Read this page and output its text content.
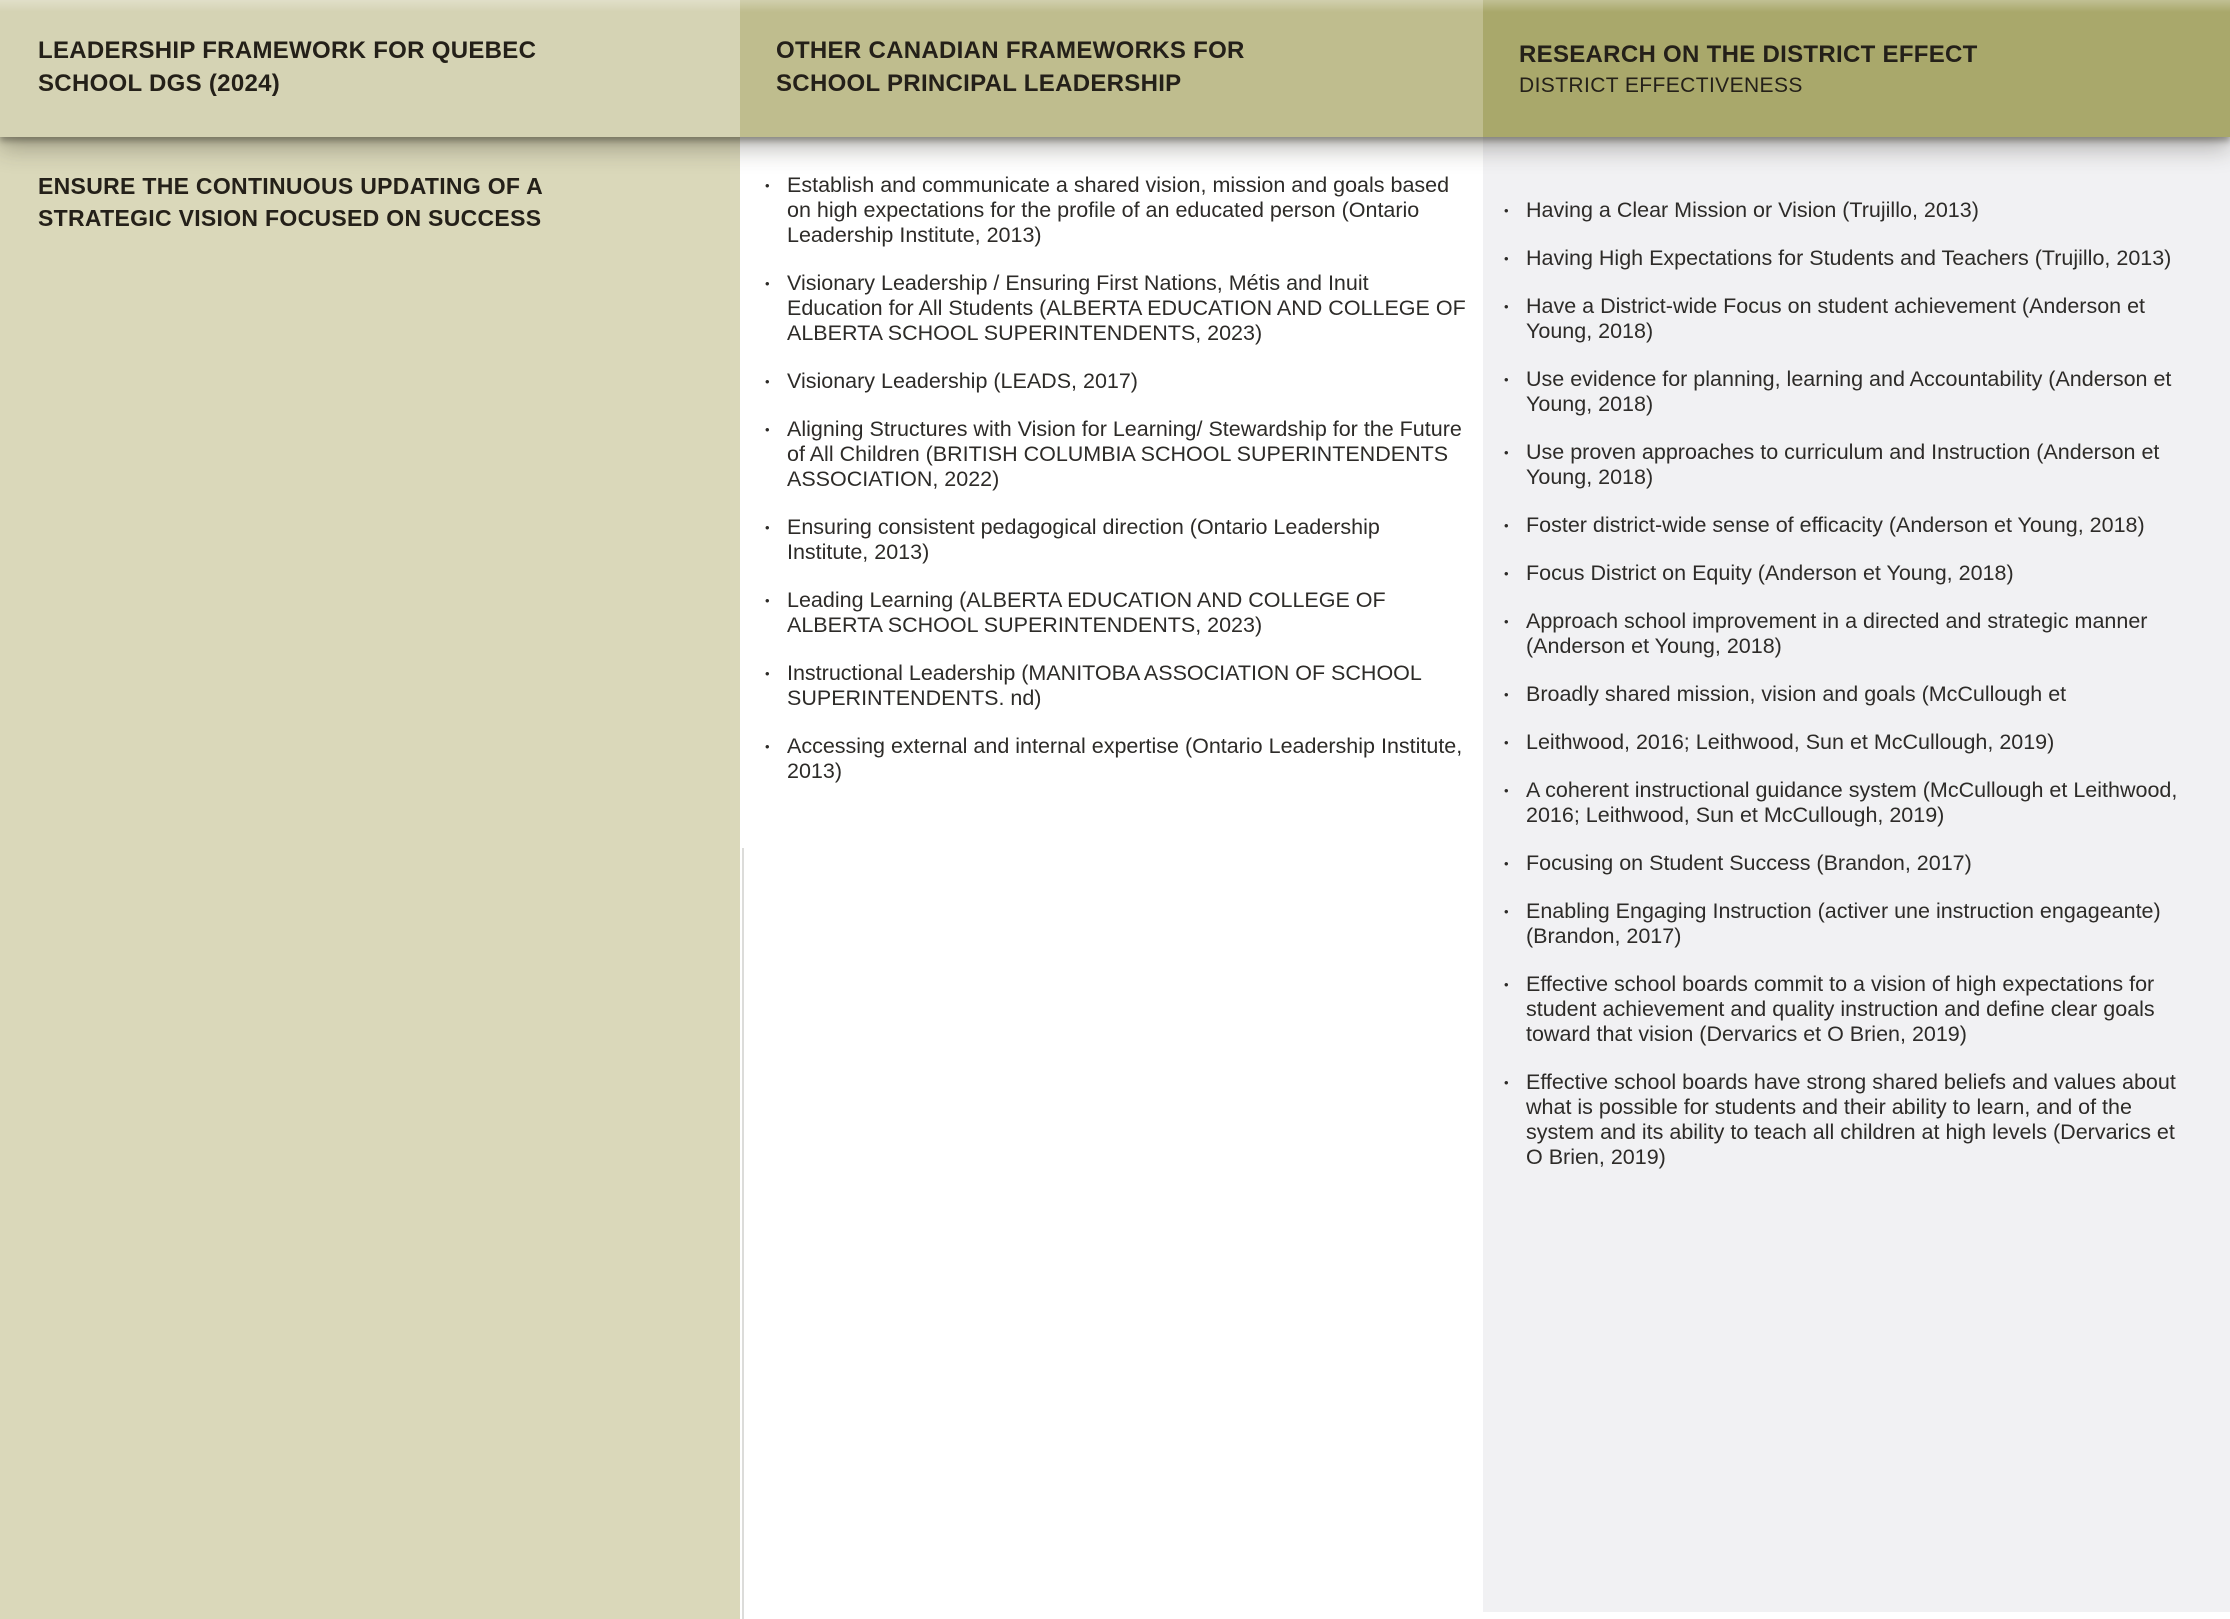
ENSURE THE CONTINUOUS UPDATING OF A
STRATEGIC VISION FOCUSED ON SUCCESS
• Establish and communicate a shared vision, mission and goals based on high expectations for the profile of an educated person (Ontario Leadership Institute, 2013)
• Visionary Leadership / Ensuring First Nations, Métis and Inuit Education for All Students (ALBERTA EDUCATION AND COLLEGE OF ALBERTA SCHOOL SUPERINTENDENTS, 2023)
• Visionary Leadership (LEADS, 2017)
• Aligning Structures with Vision for Learning/ Stewardship for the Future of All Children (BRITISH COLUMBIA SCHOOL SUPERINTENDENTS ASSOCIATION, 2022)
• Ensuring consistent pedagogical direction (Ontario Leadership Institute, 2013)
• Leading Learning (ALBERTA EDUCATION AND COLLEGE OF ALBERTA SCHOOL SUPERINTENDENTS, 2023)
• Instructional Leadership (MANITOBA ASSOCIATION OF SCHOOL SUPERINTENDENTS. nd)
• Accessing external and internal expertise (Ontario Leadership Institute, 2013)
• Having a Clear Mission or Vision (Trujillo, 2013)
• Having High Expectations for Students and Teachers (Trujillo, 2013)
• Have a District-wide Focus on student achievement (Anderson et Young, 2018)
• Use evidence for planning, learning and Accountability (Anderson et Young, 2018)
• Use proven approaches to curriculum and Instruction (Anderson et Young, 2018)
• Foster district-wide sense of efficacity (Anderson et Young, 2018)
• Focus District on Equity (Anderson et Young, 2018)
• Approach school improvement in a directed and strategic manner (Anderson et Young, 2018)
• Broadly shared mission, vision and goals (McCullough et
• Leithwood, 2016; Leithwood, Sun et McCullough, 2019)
• A coherent instructional guidance system (McCullough et Leithwood, 2016; Leithwood, Sun et McCullough, 2019)
• Focusing on Student Success (Brandon, 2017)
• Enabling Engaging Instruction (activer une instruction engageante) (Brandon, 2017)
• Effective school boards commit to a vision of high expectations for student achievement and quality instruction and define clear goals toward that vision (Dervarics et O Brien, 2019)
• Effective school boards have strong shared beliefs and values about what is possible for students and their ability to learn, and of the system and its ability to teach all children at high levels (Dervarics et O Brien, 2019)
LEADERSHIP FRAMEWORK FOR QUEBEC
SCHOOL DGS (2024)
OTHER CANADIAN FRAMEWORKS FOR
SCHOOL PRINCIPAL LEADERSHIP
RESEARCH ON THE DISTRICT EFFECT
DISTRICT EFFECTIVENESS
